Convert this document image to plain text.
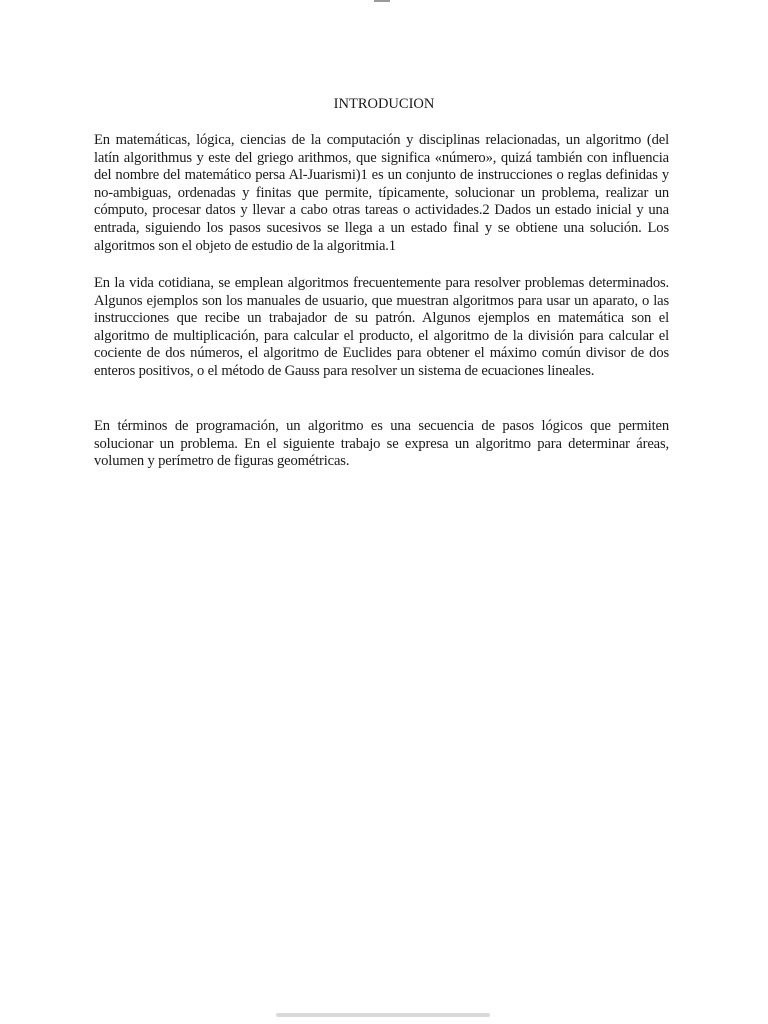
INTRODUCION

En matemáticas, lógica, ciencias de la computación y disciplinas relacionadas, un algoritmo (del latín algorithmus y este del griego arithmos, que significa «número», quizá también con influencia del nombre del matemático persa Al-Juarismi)1 es un conjunto de instrucciones o reglas definidas y no-ambiguas, ordenadas y finitas que permite, típicamente, solucionar un problema, realizar un cómputo, procesar datos y llevar a cabo otras tareas o actividades.2 Dados un estado inicial y una entrada, siguiendo los pasos sucesivos se llega a un estado final y se obtiene una solución. Los algoritmos son el objeto de estudio de la algoritmia.1

En la vida cotidiana, se emplean algoritmos frecuentemente para resolver problemas determinados. Algunos ejemplos son los manuales de usuario, que muestran algoritmos para usar un aparato, o las instrucciones que recibe un trabajador de su patrón. Algunos ejemplos en matemática son el algoritmo de multiplicación, para calcular el producto, el algoritmo de la división para calcular el cociente de dos números, el algoritmo de Euclides para obtener el máximo común divisor de dos enteros positivos, o el método de Gauss para resolver un sistema de ecuaciones lineales.

En términos de programación, un algoritmo es una secuencia de pasos lógicos que permiten solucionar un problema. En el siguiente trabajo se expresa un algoritmo para determinar áreas, volumen y perímetro de figuras geométricas.
